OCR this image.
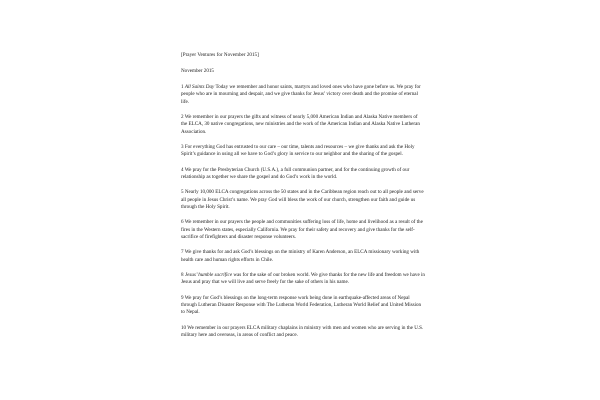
[Prayer Ventures for November 2015]

November 2015

1 All Saints Day Today we remember and honor saints, martyrs and loved ones who have gone before us. We pray for people who are in mourning and despair, and we give thanks for Jesus’ victory over death and the promise of eternal life.

2 We remember in our prayers the gifts and witness of nearly 5,000 American Indian and Alaska Native members of the ELCA, 30 native congregations, new ministries and the work of the American Indian and Alaska Native Lutheran Association.

3 For everything God has entrusted to our care – our time, talents and resources – we give thanks and ask the Holy Spirit’s guidance in using all we have to God’s glory in service to our neighbor and the sharing of the gospel.

4 We pray for the Presbyterian Church (U.S.A.), a full communion partner, and for the continuing growth of our relationship as together we share the gospel and do God’s work in the world.

5 Nearly 10,000 ELCA congregations across the 50 states and in the Caribbean region reach out to all people and serve all people in Jesus Christ’s name. We pray God will bless the work of our church, strengthen our faith and guide us through the Holy Spirit.

6 We remember in our prayers the people and communities suffering loss of life, home and livelihood as a result of the fires in the Western states, especially California. We pray for their safety and recovery and give thanks for the self-sacrifice of firefighters and disaster response volunteers.

7 We give thanks for and ask God’s blessings on the ministry of Karen Anderson, an ELCA missionary working with health care and human rights efforts in Chile.

8 Jesus’ humble sacrifice was for the sake of our broken world. We give thanks for the new life and freedom we have in Jesus and pray that we will live and serve freely for the sake of others in his name.

9 We pray for God’s blessings on the long-term response work being done in earthquake-affected areas of Nepal through Lutheran Disaster Response with The Lutheran World Federation, Lutheran World Relief and United Mission to Nepal.

10 We remember in our prayers ELCA military chaplains in ministry with men and women who are serving in the U.S. military here and overseas, in areas of conflict and peace.
